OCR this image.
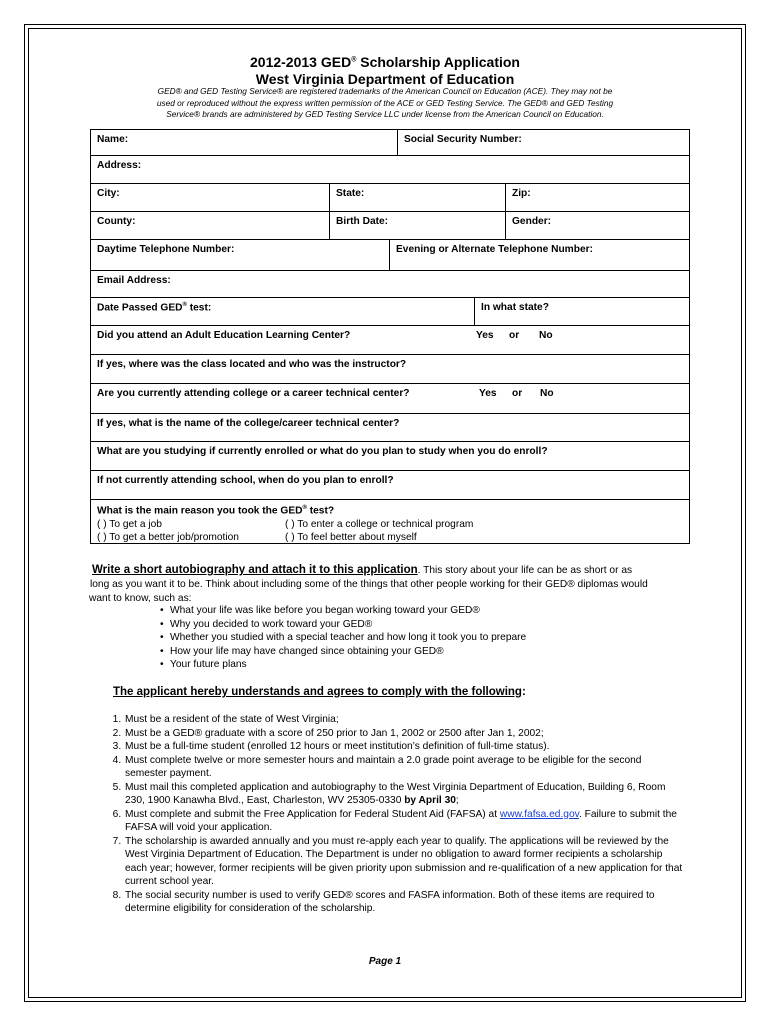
2012-2013 GED® Scholarship Application
West Virginia Department of Education
GED® and GED Testing Service® are registered trademarks of the American Council on Education (ACE). They may not be used or reproduced without the express written permission of the ACE or GED Testing Service. The GED® and GED Testing Service® brands are administered by GED Testing Service LLC under license from the American Council on Education.
Name:	Social Security Number:
Address:
City:	State:	Zip:
County:	Birth Date:	Gender:
Daytime Telephone Number:	Evening or Alternate Telephone Number:
Email Address:
Date Passed GED® test:	In what state?
Did you attend an Adult Education Learning Center?	Yes or No
If yes, where was the class located and who was the instructor?
Are you currently attending college or a career technical center?	Yes or No
If yes, what is the name of the college/career technical center?
What are you studying if currently enrolled or what do you plan to study when you do enroll?
If not currently attending school, when do you plan to enroll?
What is the main reason you took the GED® test?
( ) To get a job	( ) To enter a college or technical program
( ) To get a better job/promotion	( ) To feel better about myself
Write a short autobiography and attach it to this application. This story about your life can be as short or as
long as you want it to be. Think about including some of the things that other people working for their GED® diplomas would
want to know, such as:
• What your life was like before you began working toward your GED®
• Why you decided to work toward your GED®
• Whether you studied with a special teacher and how long it took you to prepare
• How your life may have changed since obtaining your GED®
• Your future plans
The applicant hereby understands and agrees to comply with the following:
1. Must be a resident of the state of West Virginia;
2. Must be a GED® graduate with a score of 250 prior to Jan 1, 2002 or 2500 after Jan 1, 2002;
3. Must be a full-time student (enrolled 12 hours or meet institution’s definition of full-time status).
4. Must complete twelve or more semester hours and maintain a 2.0 grade point average to be eligible for the second semester payment.
5. Must mail this completed application and autobiography to the West Virginia Department of Education, Building 6, Room 230, 1900 Kanawha Blvd., East, Charleston, WV 25305-0330 by April 30;
6. Must complete and submit the Free Application for Federal Student Aid (FAFSA) at www.fafsa.ed.gov. Failure to submit the FAFSA will void your application.
7. The scholarship is awarded annually and you must re-apply each year to qualify. The applications will be reviewed by the West Virginia Department of Education. The Department is under no obligation to award former recipients a scholarship each year; however, former recipients will be given priority upon submission and re-qualification of a new application for that current school year.
8. The social security number is used to verify GED® scores and FASFA information. Both of these items are required to determine eligibility for consideration of the scholarship.
Page 1
